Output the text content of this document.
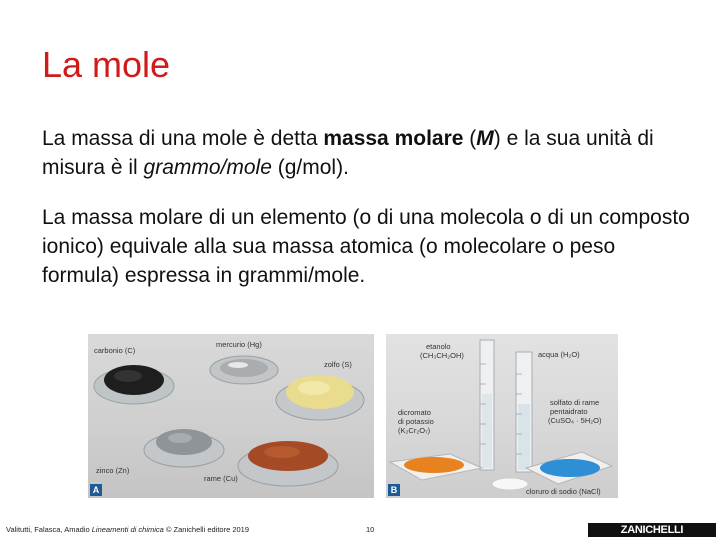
La mole

La massa di una mole è detta massa molare (M) e la sua unità di misura è il grammo/mole (g/mol).

La massa molare di un elemento (o di una molecola o di un composto ionico) equivale alla sua massa atomica (o molecolare o peso formula) espressa in grammi/mole.

carbonio (C)
mercurio (Hg)
zolfo (S)
zinco (Zn)
rame (Cu)
A
etanolo
(CH₃CH₂OH)	acqua (H₂O)
solfato di rame
pentaidrato
(CuSO₄ · 5H₂O)
dicromato
di potassio
(K₂Cr₂O₇)
cloruro di sodio (NaCl)
B
Valitutti, Falasca, Amadio Lineamenti di chimica © Zanichelli editore 2019	10	ZANICHELLI
